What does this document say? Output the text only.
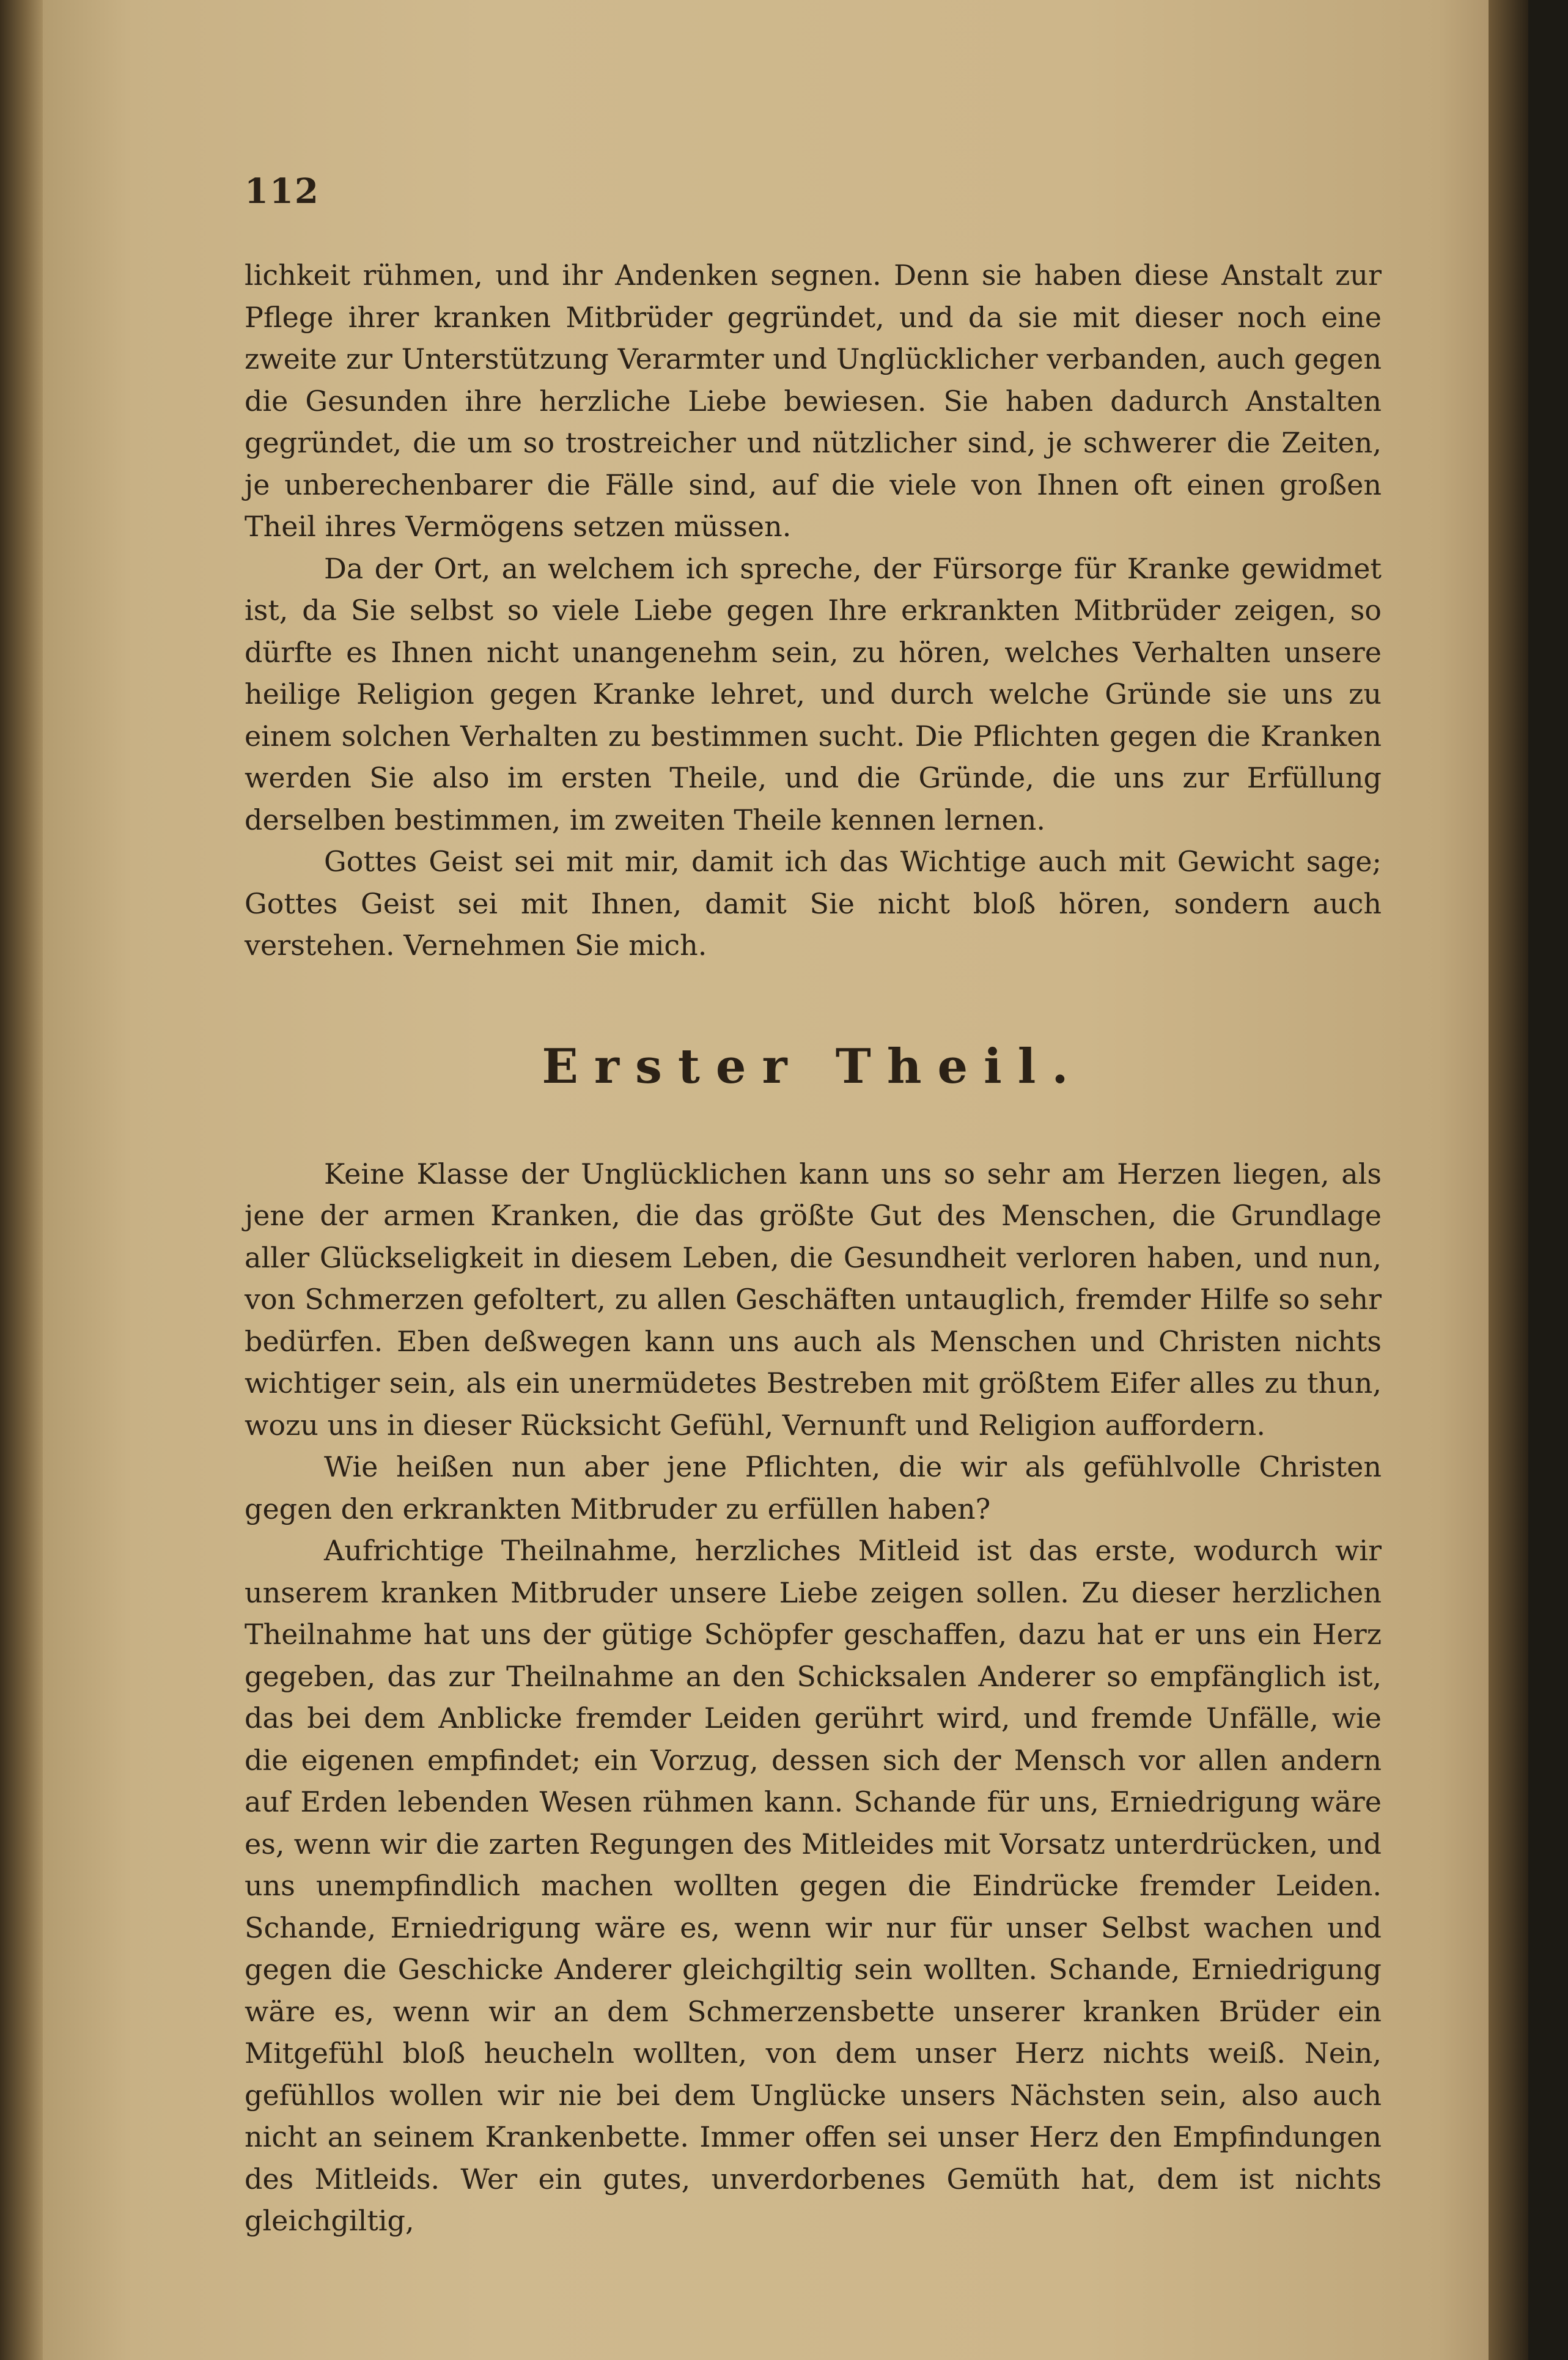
112

lichkeit rühmen, und ihr Andenken segnen. Denn sie haben diese Anstalt zur Pflege ihrer kranken Mitbrüder gegründet, und da sie mit dieser noch eine zweite zur Unterstützung Verarmter und Unglücklicher verbanden, auch gegen die Gesunden ihre herzliche Liebe bewiesen. Sie haben dadurch Anstalten gegründet, die um so trostreicher und nützlicher sind, je schwerer die Zeiten, je unberechenbarer die Fälle sind, auf die viele von Ihnen oft einen großen Theil ihres Vermögens setzen müssen.

Da der Ort, an welchem ich spreche, der Fürsorge für Kranke gewidmet ist, da Sie selbst so viele Liebe gegen Ihre erkrankten Mitbrüder zeigen, so dürfte es Ihnen nicht unangenehm sein, zu hören, welches Verhalten unsere heilige Religion gegen Kranke lehret, und durch welche Gründe sie uns zu einem solchen Verhalten zu bestimmen sucht. Die Pflichten gegen die Kranken werden Sie also im ersten Theile, und die Gründe, die uns zur Erfüllung derselben bestimmen, im zweiten Theile kennen lernen.

Gottes Geist sei mit mir, damit ich das Wichtige auch mit Gewicht sage; Gottes Geist sei mit Ihnen, damit Sie nicht bloß hören, sondern auch verstehen. Vernehmen Sie mich.

Erster Theil.

Keine Klasse der Unglücklichen kann uns so sehr am Herzen liegen, als jene der armen Kranken, die das größte Gut des Menschen, die Grundlage aller Glückseligkeit in diesem Leben, die Gesundheit verloren haben, und nun, von Schmerzen gefoltert, zu allen Geschäften untauglich, fremder Hilfe so sehr bedürfen. Eben deßwegen kann uns auch als Menschen und Christen nichts wichtiger sein, als ein unermüdetes Bestreben mit größtem Eifer alles zu thun, wozu uns in dieser Rücksicht Gefühl, Vernunft und Religion auffordern.

Wie heißen nun aber jene Pflichten, die wir als gefühlvolle Christen gegen den erkrankten Mitbruder zu erfüllen haben?

Aufrichtige Theilnahme, herzliches Mitleid ist das erste, wodurch wir unserem kranken Mitbruder unsere Liebe zeigen sollen. Zu dieser herzlichen Theilnahme hat uns der gütige Schöpfer geschaffen, dazu hat er uns ein Herz gegeben, das zur Theilnahme an den Schicksalen Anderer so empfänglich ist, das bei dem Anblicke fremder Leiden gerührt wird, und fremde Unfälle, wie die eigenen empfindet; ein Vorzug, dessen sich der Mensch vor allen andern auf Erden lebenden Wesen rühmen kann. Schande für uns, Erniedrigung wäre es, wenn wir die zarten Regungen des Mitleides mit Vorsatz unterdrücken, und uns unempfindlich machen wollten gegen die Eindrücke fremder Leiden. Schande, Erniedrigung wäre es, wenn wir nur für unser Selbst wachen und gegen die Geschicke Anderer gleichgiltig sein wollten. Schande, Erniedrigung wäre es, wenn wir an dem Schmerzensbette unserer kranken Brüder ein Mitgefühl bloß heucheln wollten, von dem unser Herz nichts weiß. Nein, gefühllos wollen wir nie bei dem Unglücke unsers Nächsten sein, also auch nicht an seinem Krankenbette. Immer offen sei unser Herz den Empfindungen des Mitleids. Wer ein gutes, unverdorbenes Gemüth hat, dem ist nichts gleichgiltig,
